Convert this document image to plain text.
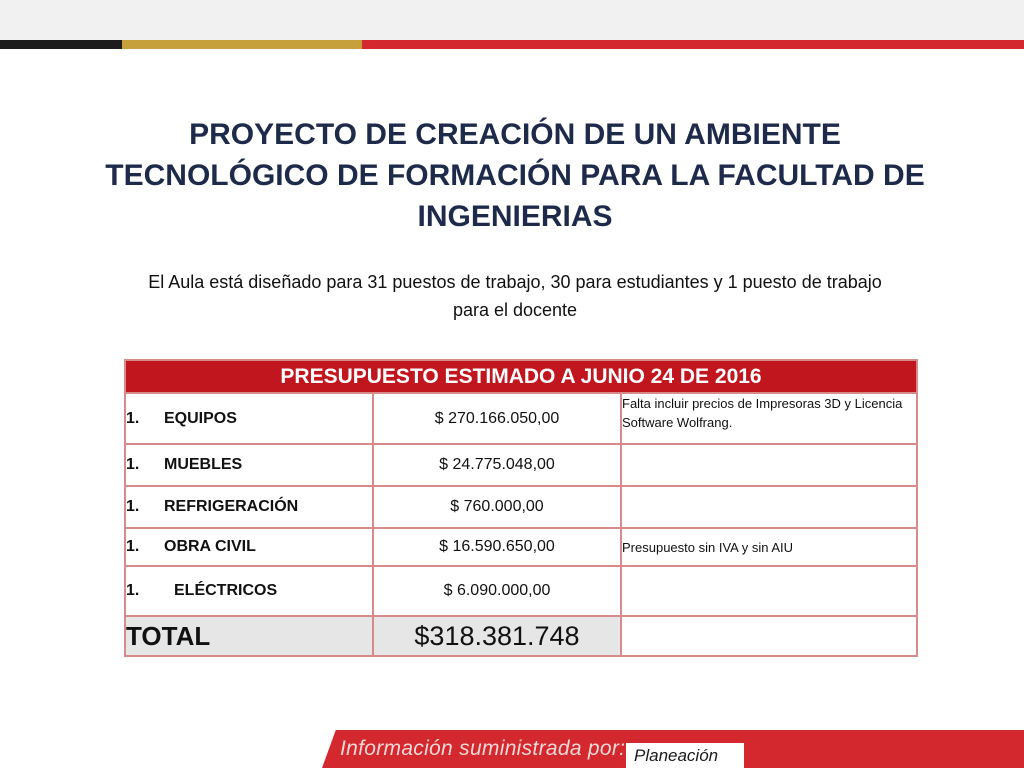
PROYECTO DE CREACIÓN DE UN AMBIENTE TECNOLÓGICO DE FORMACIÓN PARA LA FACULTAD DE INGENIERIAS

El Aula está diseñado para 31 puestos de trabajo, 30 para estudiantes y 1 puesto de trabajo para el docente

PRESUPUESTO ESTIMADO A JUNIO 24 DE 2016		
1. EQUIPOS	$ 270.166.050,00	Falta incluir precios de Impresoras 3D y Licencia Software Wolfrang.
1. MUEBLES	$ 24.775.048,00	
1. REFRIGERACIÓN	$ 760.000,00	
1. OBRA CIVIL	$ 16.590.650,00	Presupuesto sin IVA y sin AIU
1. ELÉCTRICOS	$ 6.090.000,00	
TOTAL	$318.381.748	
Información suministrada por: Planeación
